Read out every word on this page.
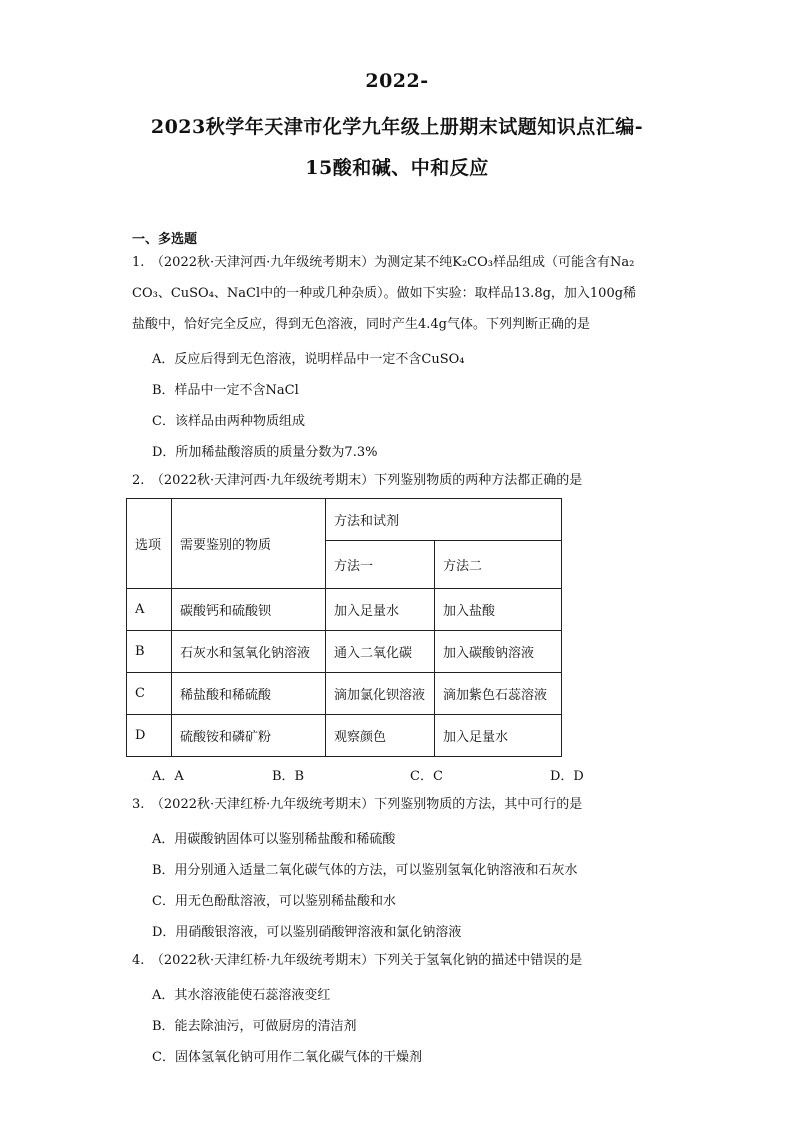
2022-
2023秋学年天津市化学九年级上册期末试题知识点汇编-
15酸和碱、中和反应
一、多选题
1.　（2022秋·天津河西·九年级统考期末）为测定某不纯K₂CO₃样品组成（可能含有Na₂
CO₃、CuSO₄、NaCl中的一种或几种杂质）。做如下实验：取样品13.8g，加入100g稀
盐酸中，恰好完全反应，得到无色溶液，同时产生4.4g气体。下列判断正确的是
A．反应后得到无色溶液，说明样品中一定不含CuSO₄
B．样品中一定不含NaCl
C．该样品由两种物质组成
D．所加稀盐酸溶质的质量分数为7.3%
2.　（2022秋·天津河西·九年级统考期末）下列鉴别物质的两种方法都正确的是
选项	需要鉴别的物质	方法和试剂	
		方法一	方法二
A	碳酸钙和硫酸钡	加入足量水	加入盐酸
B	石灰水和氢氧化钠溶液	通入二氧化碳	加入碳酸钠溶液
C	稀盐酸和稀硫酸	滴加氯化钡溶液	滴加紫色石蕊溶液
D	硫酸铵和磷矿粉	观察颜色	加入足量水
A．A	B．B	C．C	D．D
3.　（2022秋·天津红桥·九年级统考期末）下列鉴别物质的方法，其中可行的是
A．用碳酸钠固体可以鉴别稀盐酸和稀硫酸
B．用分别通入适量二氧化碳气体的方法，可以鉴别氢氧化钠溶液和石灰水
C．用无色酚酞溶液，可以鉴别稀盐酸和水
D．用硝酸银溶液，可以鉴别硝酸钾溶液和氯化钠溶液
4.　（2022秋·天津红桥·九年级统考期末）下列关于氢氧化钠的描述中错误的是
A．其水溶液能使石蕊溶液变红
B．能去除油污，可做厨房的清洁剂
C．固体氢氧化钠可用作二氧化碳气体的干燥剂
